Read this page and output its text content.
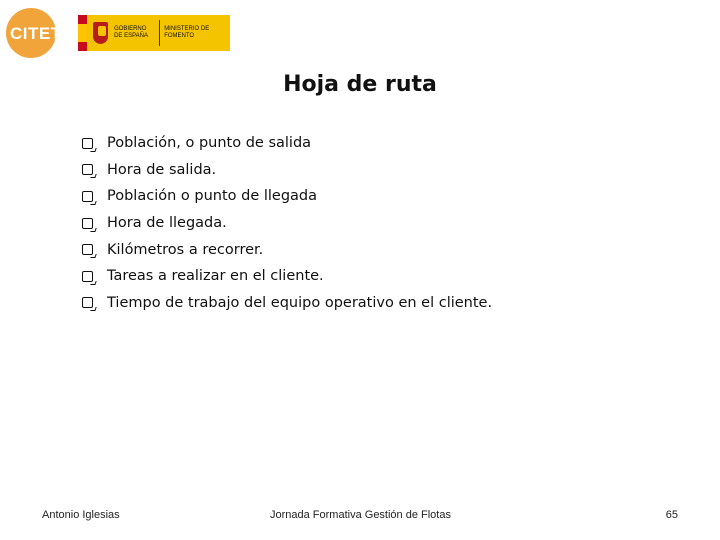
CITET	GOBIERNO DE ESPAÑA
MINISTERIO DE FOMENTO
Hoja de ruta
Población, o punto de salida
Hora de salida.
Población o punto de llegada
Hora de llegada.
Kilómetros a recorrer.
Tareas a realizar en el cliente.
Tiempo de trabajo del equipo operativo en el cliente.
Antonio Iglesias	Jornada Formativa Gestión de Flotas	65
